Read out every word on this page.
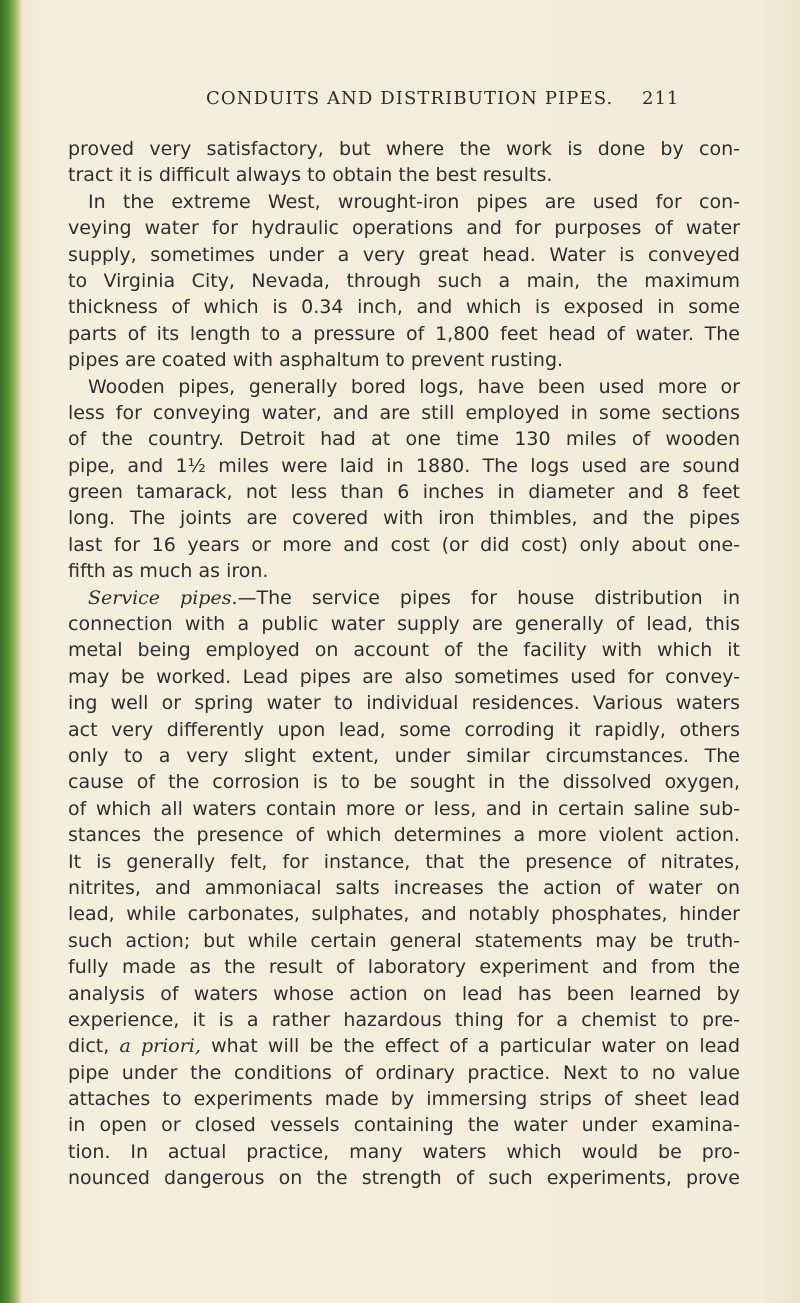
CONDUITS AND DISTRIBUTION PIPES. 211
proved very satisfactory, but where the work is done by con-
tract it is difficult always to obtain the best results.
In the extreme West, wrought-iron pipes are used for con-
veying water for hydraulic operations and for purposes of water
supply, sometimes under a very great head. Water is conveyed
to Virginia City, Nevada, through such a main, the maximum
thickness of which is 0.34 inch, and which is exposed in some
parts of its length to a pressure of 1,800 feet head of water. The
pipes are coated with asphaltum to prevent rusting.
Wooden pipes, generally bored logs, have been used more or
less for conveying water, and are still employed in some sections
of the country. Detroit had at one time 130 miles of wooden
pipe, and 1½ miles were laid in 1880. The logs used are sound
green tamarack, not less than 6 inches in diameter and 8 feet
long. The joints are covered with iron thimbles, and the pipes
last for 16 years or more and cost (or did cost) only about one-
fifth as much as iron.
Service pipes.—The service pipes for house distribution in
connection with a public water supply are generally of lead, this
metal being employed on account of the facility with which it
may be worked. Lead pipes are also sometimes used for convey-
ing well or spring water to individual residences. Various waters
act very differently upon lead, some corroding it rapidly, others
only to a very slight extent, under similar circumstances. The
cause of the corrosion is to be sought in the dissolved oxygen,
of which all waters contain more or less, and in certain saline sub-
stances the presence of which determines a more violent action.
It is generally felt, for instance, that the presence of nitrates,
nitrites, and ammoniacal salts increases the action of water on
lead, while carbonates, sulphates, and notably phosphates, hinder
such action; but while certain general statements may be truth-
fully made as the result of laboratory experiment and from the
analysis of waters whose action on lead has been learned by
experience, it is a rather hazardous thing for a chemist to pre-
dict, a priori, what will be the effect of a particular water on lead
pipe under the conditions of ordinary practice. Next to no value
attaches to experiments made by immersing strips of sheet lead
in open or closed vessels containing the water under examina-
tion. In actual practice, many waters which would be pro-
nounced dangerous on the strength of such experiments, prove
